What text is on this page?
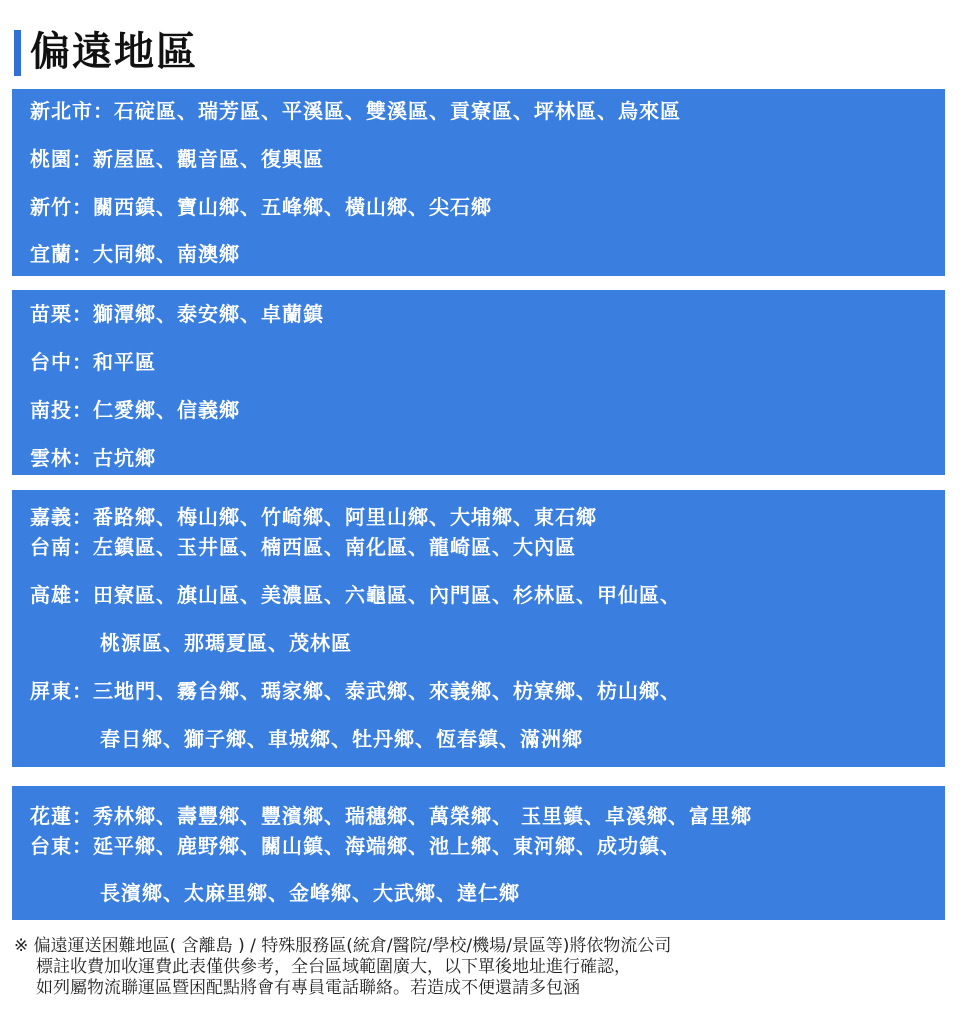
偏遠地區
新北市：石碇區、瑞芳區、平溪區、雙溪區、貢寮區、坪林區、烏來區
桃園：新屋區、觀音區、復興區
新竹：關西鎮、寶山鄉、五峰鄉、橫山鄉、尖石鄉
宜蘭：大同鄉、南澳鄉
苗栗：獅潭鄉、泰安鄉、卓蘭鎮
台中：和平區
南投：仁愛鄉、信義鄉
雲林：古坑鄉
嘉義：番路鄉、梅山鄉、竹崎鄉、阿里山鄉、大埔鄉、東石鄉
台南：左鎮區、玉井區、楠西區、南化區、龍崎區、大內區
高雄：田寮區、旗山區、美濃區、六龜區、內門區、杉林區、甲仙區、
桃源區、那瑪夏區、茂林區
屏東：三地門、霧台鄉、瑪家鄉、泰武鄉、來義鄉、枋寮鄉、枋山鄉、
春日鄉、獅子鄉、車城鄉、牡丹鄉、恆春鎮、滿洲鄉
花蓮：秀林鄉、壽豐鄉、豐濱鄉、瑞穗鄉、萬榮鄉、 玉里鎮、卓溪鄉、富里鄉
台東：延平鄉、鹿野鄉、關山鎮、海端鄉、池上鄉、東河鄉、成功鎮、
長濱鄉、太麻里鄉、金峰鄉、大武鄉、達仁鄉
※ 偏遠運送困難地區( 含離島 ) / 特殊服務區(統倉/醫院/學校/機場/景區等)將依物流公司
標註收費加收運費此表僅供參考，全台區域範圍廣大，以下單後地址進行確認，
如列屬物流聯運區暨困配點將會有專員電話聯絡。若造成不便還請多包涵
